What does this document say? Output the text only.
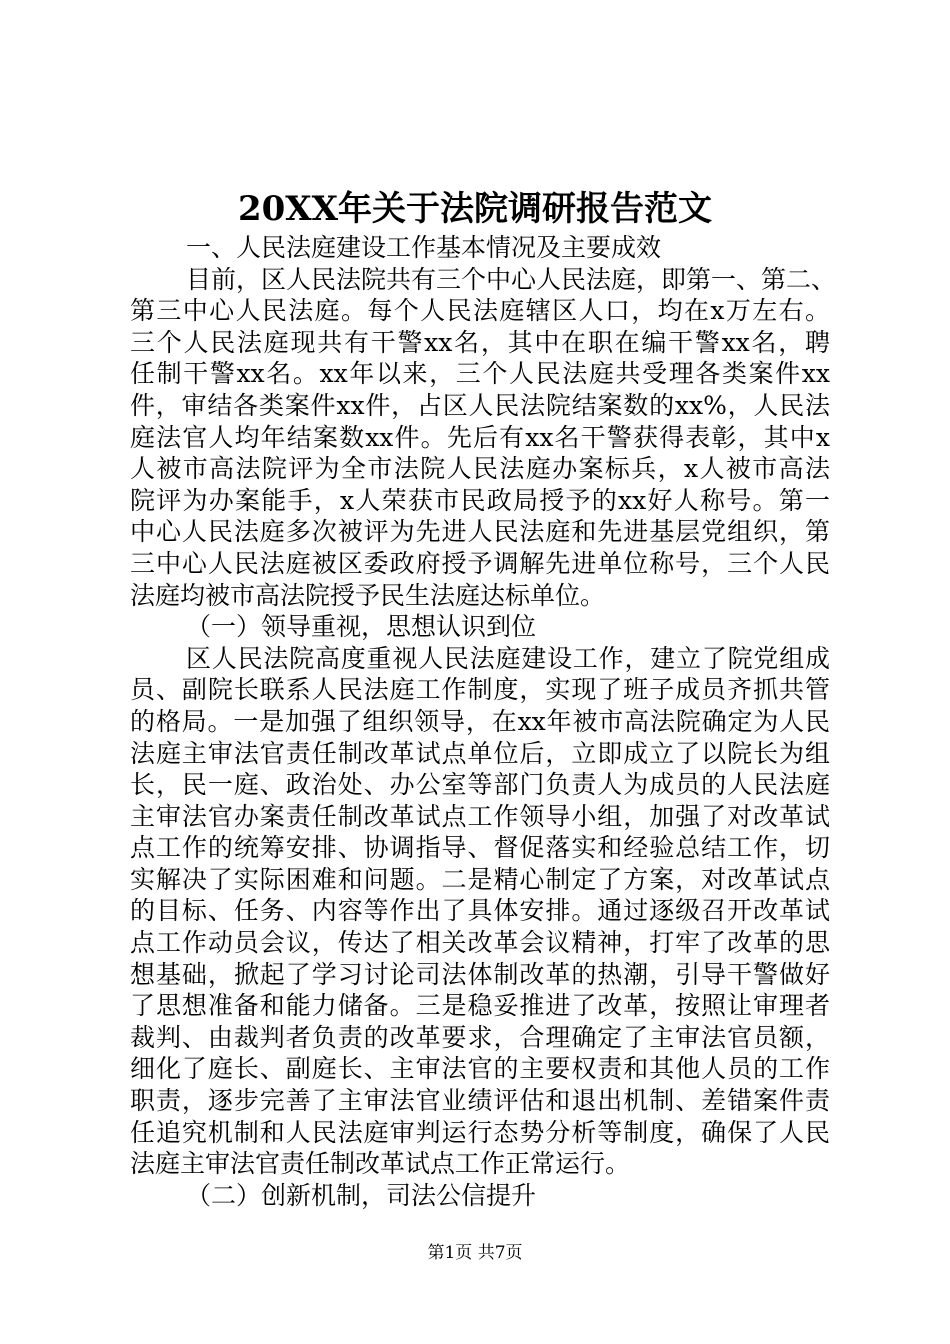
20XX年关于法院调研报告范文
一、人民法庭建设工作基本情况及主要成效
目前，区人民法院共有三个中心人民法庭，即第一、第二、
第三中心人民法庭。每个人民法庭辖区人口，均在x万左右。
三个人民法庭现共有干警xx名，其中在职在编干警xx名，聘
任制干警xx名。xx年以来，三个人民法庭共受理各类案件xx
件，审结各类案件xx件，占区人民法院结案数的xx%，人民法
庭法官人均年结案数xx件。先后有xx名干警获得表彰，其中x
人被市高法院评为全市法院人民法庭办案标兵，x人被市高法
院评为办案能手，x人荣获市民政局授予的xx好人称号。第一
中心人民法庭多次被评为先进人民法庭和先进基层党组织，第
三中心人民法庭被区委政府授予调解先进单位称号，三个人民
法庭均被市高法院授予民生法庭达标单位。
（一）领导重视，思想认识到位
区人民法院高度重视人民法庭建设工作，建立了院党组成
员、副院长联系人民法庭工作制度，实现了班子成员齐抓共管
的格局。一是加强了组织领导，在xx年被市高法院确定为人民
法庭主审法官责任制改革试点单位后，立即成立了以院长为组
长，民一庭、政治处、办公室等部门负责人为成员的人民法庭
主审法官办案责任制改革试点工作领导小组，加强了对改革试
点工作的统筹安排、协调指导、督促落实和经验总结工作，切
实解决了实际困难和问题。二是精心制定了方案，对改革试点
的目标、任务、内容等作出了具体安排。通过逐级召开改革试
点工作动员会议，传达了相关改革会议精神，打牢了改革的思
想基础，掀起了学习讨论司法体制改革的热潮，引导干警做好
了思想准备和能力储备。三是稳妥推进了改革，按照让审理者
裁判、由裁判者负责的改革要求，合理确定了主审法官员额，
细化了庭长、副庭长、主审法官的主要权责和其他人员的工作
职责，逐步完善了主审法官业绩评估和退出机制、差错案件责
任追究机制和人民法庭审判运行态势分析等制度，确保了人民
法庭主审法官责任制改革试点工作正常运行。
（二）创新机制，司法公信提升
第1页 共7页
